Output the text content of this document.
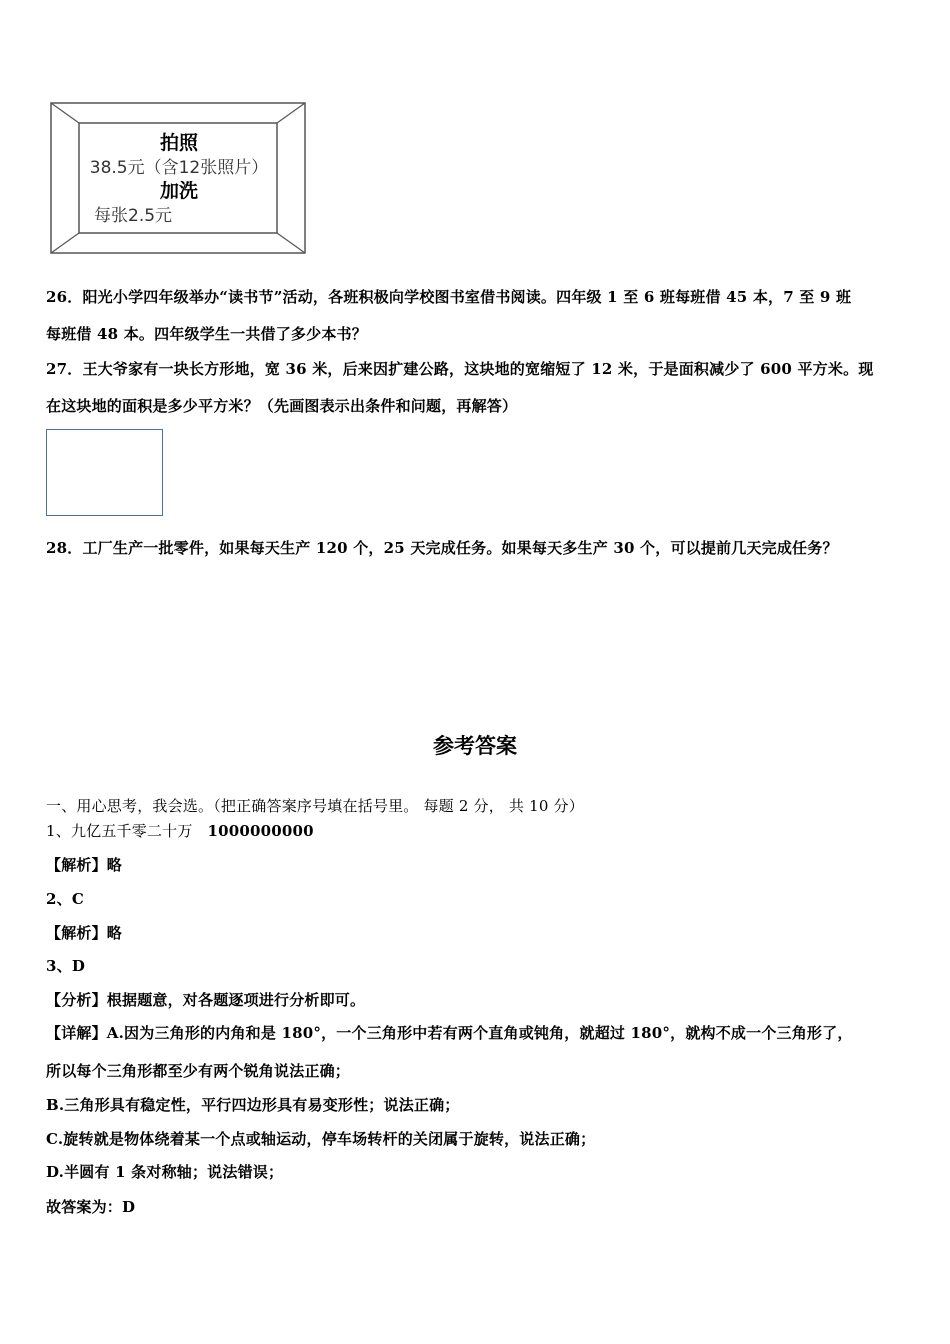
拍照
38.5元（含12张照片）
加洗
每张2.5元
26．阳光小学四年级举办“读书节”活动，各班积极向学校图书室借书阅读。四年级 1 至 6 班每班借 45 本，7 至 9 班
每班借 48 本。四年级学生一共借了多少本书？
27．王大爷家有一块长方形地，宽 36 米，后来因扩建公路，这块地的宽缩短了 12 米，于是面积减少了 600 平方米。现
在这块地的面积是多少平方米？（先画图表示出条件和问题，再解答）
28．工厂生产一批零件，如果每天生产 120 个，25 天完成任务。如果每天多生产 30 个，可以提前几天完成任务？
参考答案
一、用心思考，我会选。（把正确答案序号填在括号里。 每题 2 分， 共 10 分）
1、九亿五千零二十万 1000000000
【解析】略
2、C
【解析】略
3、D
【分析】根据题意，对各题逐项进行分析即可。
【详解】A.因为三角形的内角和是 180°，一个三角形中若有两个直角或钝角，就超过 180°，就构不成一个三角形了，
所以每个三角形都至少有两个锐角说法正确；
B.三角形具有稳定性，平行四边形具有易变形性；说法正确；
C.旋转就是物体绕着某一个点或轴运动，停车场转杆的关闭属于旋转，说法正确；
D.半圆有 1 条对称轴；说法错误；
故答案为：D
